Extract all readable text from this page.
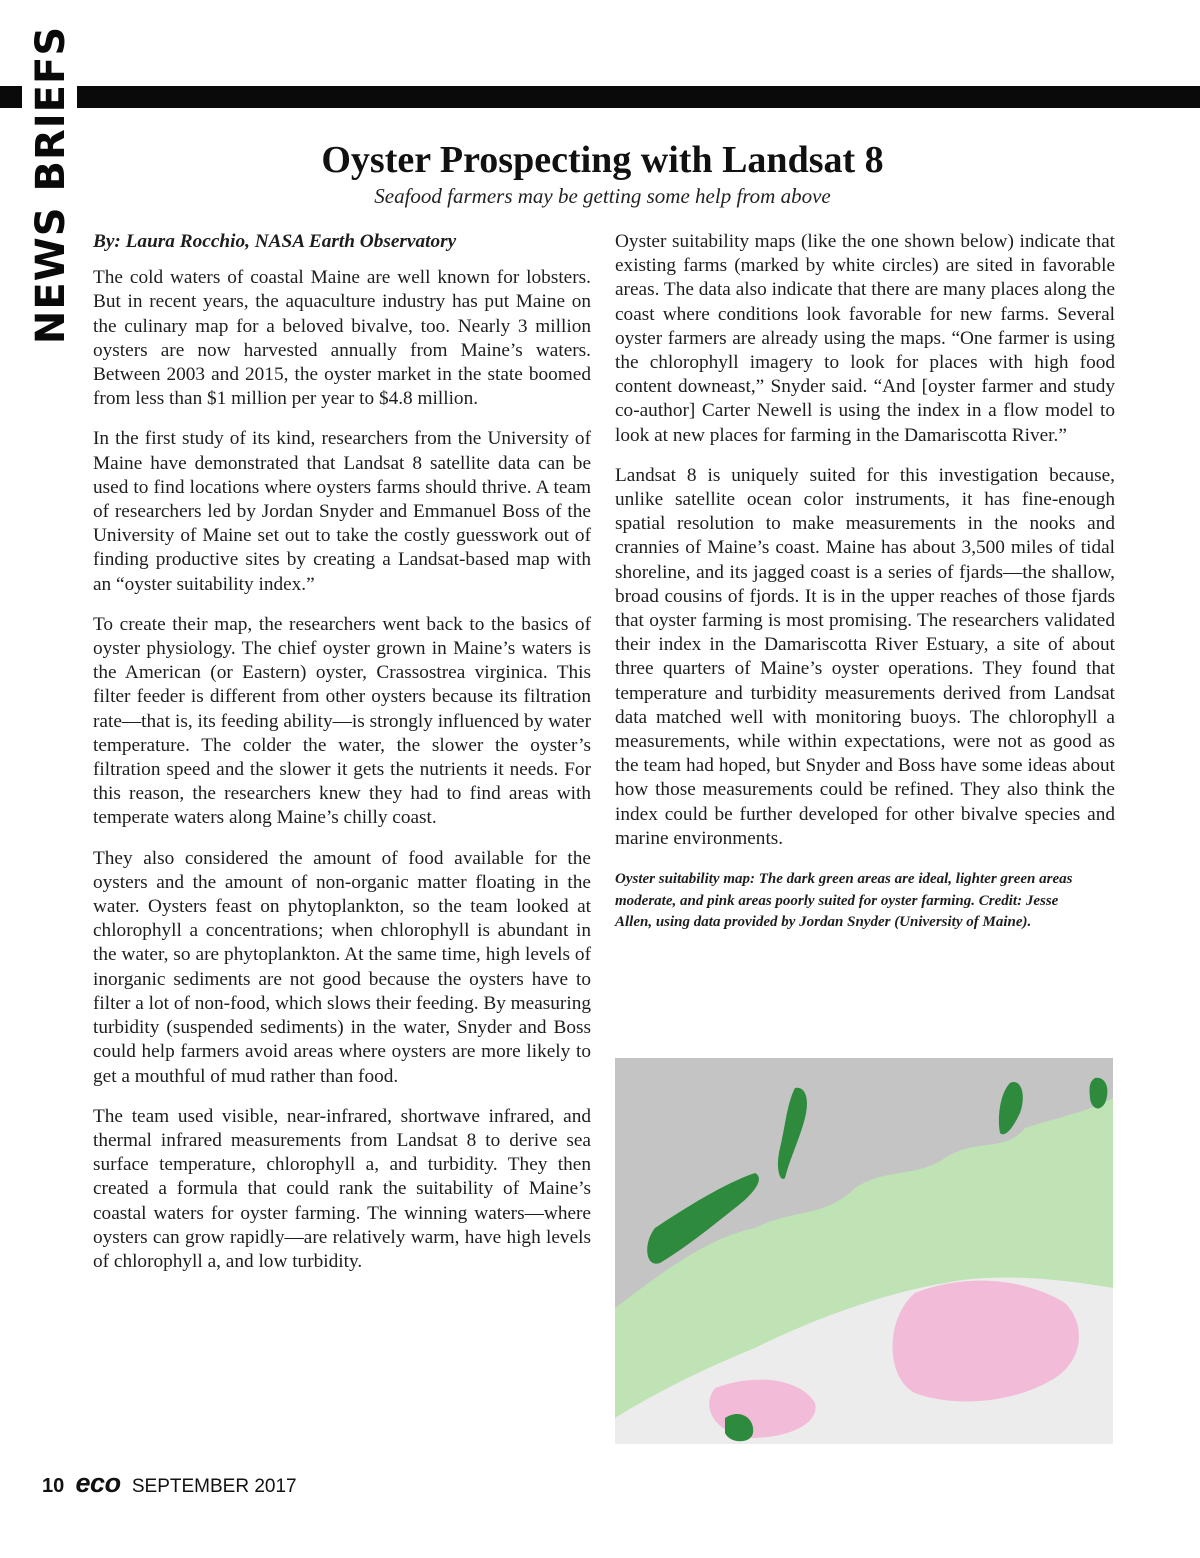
NEWS BRIEFS	Oyster Prospecting with Landsat 8

Seafood farmers may be getting some help from above

By: Laura Rocchio, NASA Earth Observatory

The cold waters of coastal Maine are well known for lobsters. But in recent years, the aquaculture industry has put Maine on the culinary map for a beloved bivalve, too. Nearly 3 million oysters are now harvested annually from Maine’s waters. Between 2003 and 2015, the oyster market in the state boomed from less than $1 million per year to $4.8 million.

In the first study of its kind, researchers from the University of Maine have demonstrated that Landsat 8 satellite data can be used to find locations where oysters farms should thrive. A team of researchers led by Jordan Snyder and Emmanuel Boss of the University of Maine set out to take the costly guesswork out of finding productive sites by creating a Landsat-based map with an “oyster suitability index.”

To create their map, the researchers went back to the basics of oyster physiology. The chief oyster grown in Maine’s waters is the American (or Eastern) oyster, Crassostrea virginica. This filter feeder is different from other oysters because its filtration rate—that is, its feeding ability—is strongly influenced by water temperature. The colder the water, the slower the oyster’s filtration speed and the slower it gets the nutrients it needs. For this reason, the researchers knew they had to find areas with temperate waters along Maine’s chilly coast.

They also considered the amount of food available for the oysters and the amount of non-organic matter floating in the water. Oysters feast on phytoplankton, so the team looked at chlorophyll a concentrations; when chlorophyll is abundant in the water, so are phytoplankton. At the same time, high levels of inorganic sediments are not good because the oysters have to filter a lot of non-food, which slows their feeding. By measuring turbidity (suspended sediments) in the water, Snyder and Boss could help farmers avoid areas where oysters are more likely to get a mouthful of mud rather than food.

The team used visible, near-infrared, shortwave infrared, and thermal infrared measurements from Landsat 8 to derive sea surface temperature, chlorophyll a, and turbidity. They then created a formula that could rank the suitability of Maine’s coastal waters for oyster farming. The winning waters—where oysters can grow rapidly—are relatively warm, have high levels of chlorophyll a, and low turbidity.

Oyster suitability maps (like the one shown below) indicate that existing farms (marked by white circles) are sited in favorable areas. The data also indicate that there are many places along the coast where conditions look favorable for new farms. Several oyster farmers are already using the maps. “One farmer is using the chlorophyll imagery to look for places with high food content downeast,” Snyder said. “And [oyster farmer and study co-author] Carter Newell is using the index in a flow model to look at new places for farming in the Damariscotta River.”

Landsat 8 is uniquely suited for this investigation because, unlike satellite ocean color instruments, it has fine-enough spatial resolution to make measurements in the nooks and crannies of Maine’s coast. Maine has about 3,500 miles of tidal shoreline, and its jagged coast is a series of fjards—the shallow, broad cousins of fjords. It is in the upper reaches of those fjards that oyster farming is most promising. The researchers validated their index in the Damariscotta River Estuary, a site of about three quarters of Maine’s oyster operations. They found that temperature and turbidity measurements derived from Landsat data matched well with monitoring buoys. The chlorophyll a measurements, while within expectations, were not as good as the team had hoped, but Snyder and Boss have some ideas about how those measurements could be refined. They also think the index could be further developed for other bivalve species and marine environments.

Oyster suitability map: The dark green areas are ideal, lighter green areas moderate, and pink areas poorly suited for oyster farming. Credit: Jesse Allen, using data provided by Jordan Snyder (University of Maine).

10 eco SEPTEMBER 2017
